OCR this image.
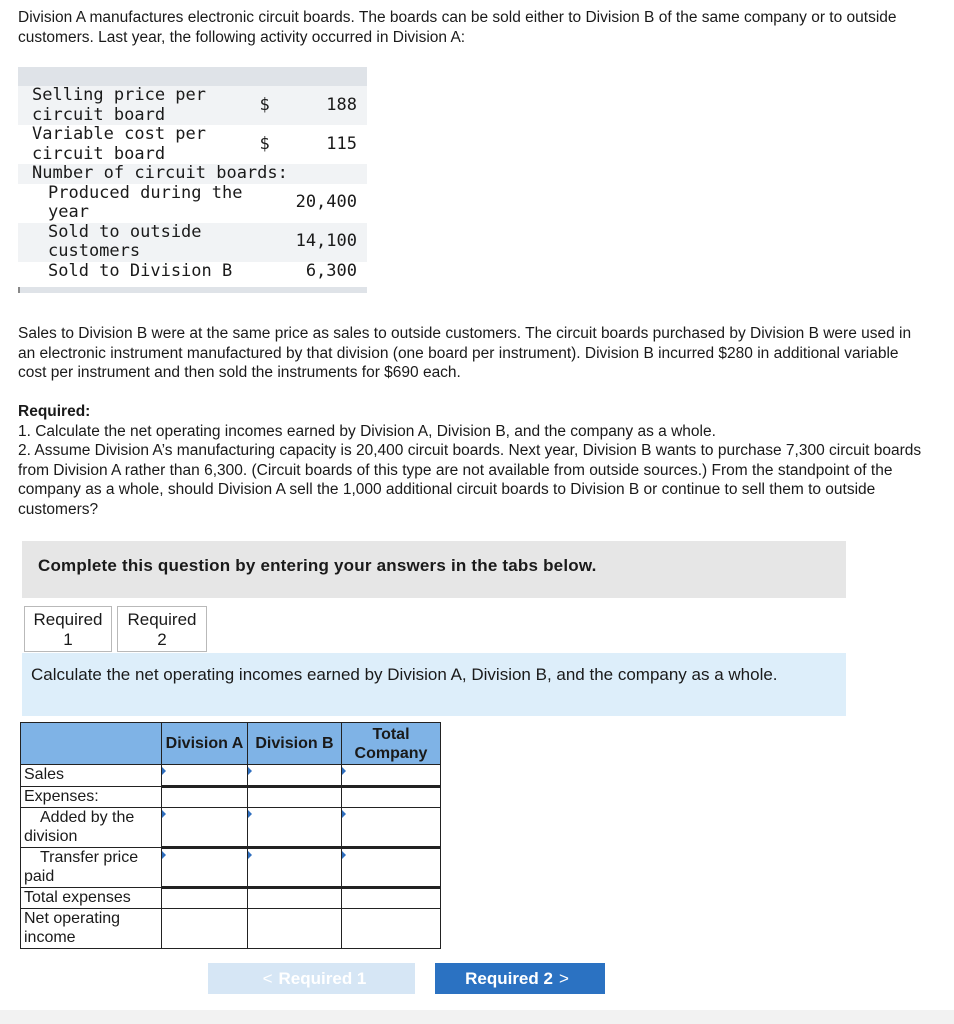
Division A manufactures electronic circuit boards. The boards can be sold either to Division B of the same company or to outside customers. Last year, the following activity occurred in Division A:

Selling price per circuit board	$	188
Variable cost per circuit board	$	115
Number of circuit boards:		
Produced during the year		20,400
Sold to outside customers		14,100
Sold to Division B		6,300

Sales to Division B were at the same price as sales to outside customers. The circuit boards purchased by Division B were used in an electronic instrument manufactured by that division (one board per instrument). Division B incurred $280 in additional variable cost per instrument and then sold the instruments for $690 each.

Required:
1. Calculate the net operating incomes earned by Division A, Division B, and the company as a whole.
2. Assume Division A’s manufacturing capacity is 20,400 circuit boards. Next year, Division B wants to purchase 7,300 circuit boards from Division A rather than 6,300. (Circuit boards of this type are not available from outside sources.) From the standpoint of the company as a whole, should Division A sell the 1,000 additional circuit boards to Division B or continue to sell them to outside customers?
Complete this question by entering your answers in the tabs below.
Required
1
Required
2
Calculate the net operating incomes earned by Division A, Division B, and the company as a whole.
	Division A	Division B	Total Company
Sales			
Expenses:			
Added by the division			
Transfer price paid			
Total expenses			
Net operating income			
< Required 1	Required 2 >
